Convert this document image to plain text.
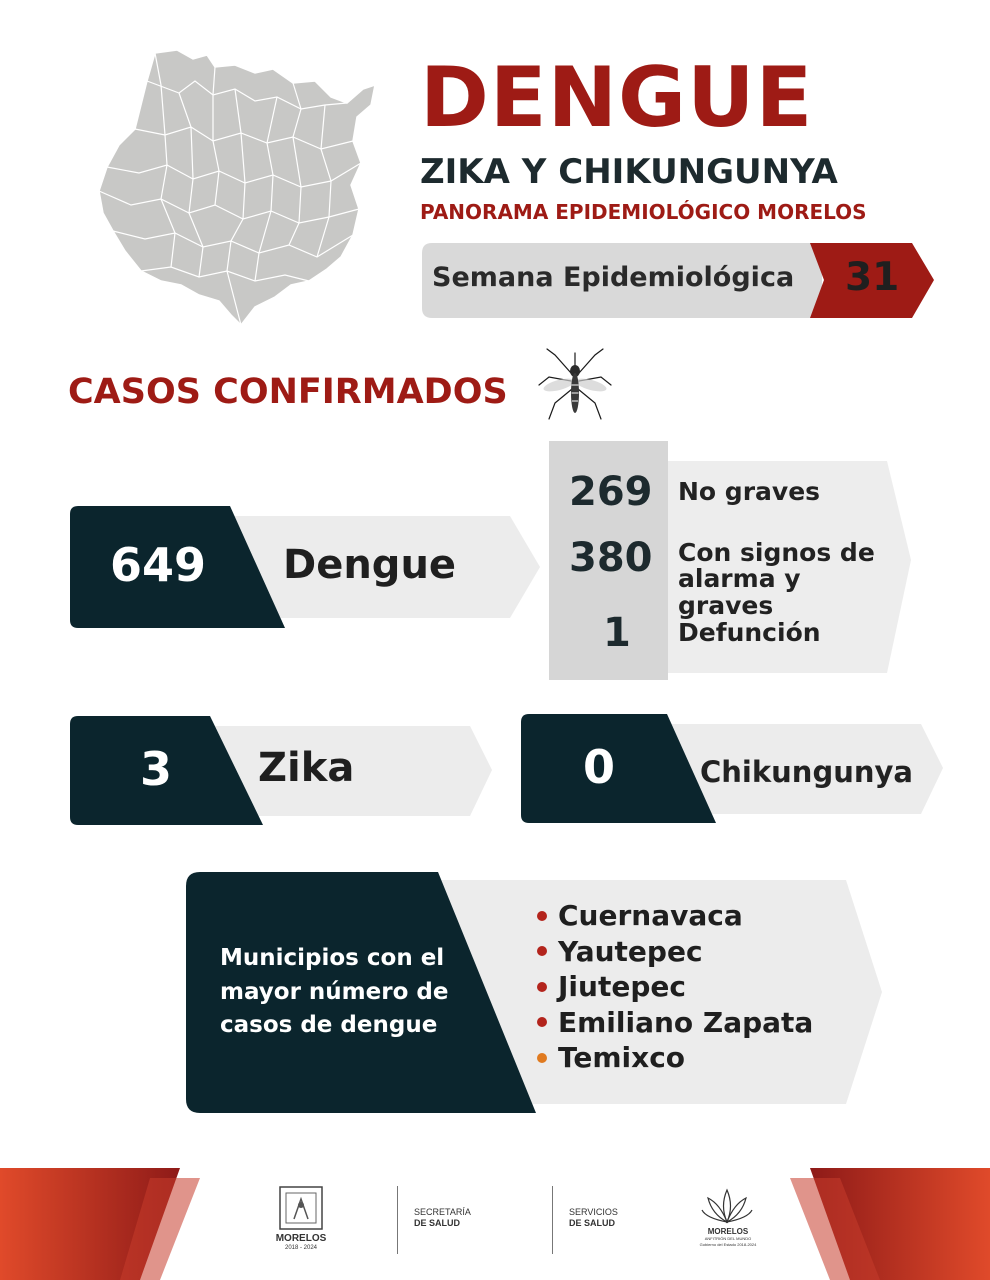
DENGUE
ZIKA Y CHIKUNGUNYA
PANORAMA EPIDEMIOLÓGICO MORELOS
Semana Epidemiológica 31
CASOS CONFIRMADOS
649 Dengue
269 No graves
380 Con signos de alarma y graves
1 Defunción
3 Zika	0	Chikungunya
Municipios con el mayor número de casos de dengue
Cuernavaca
Yautepec
Jiutepec
Emiliano Zapata
Temixco
MORELOS
2018 - 2024
SECRETARÍA
DE SALUD
SERVICIOS
DE SALUD
MORELOS
ANFITRIÓN DEL MUNDO
Gobierno del Estado 2018-2024
